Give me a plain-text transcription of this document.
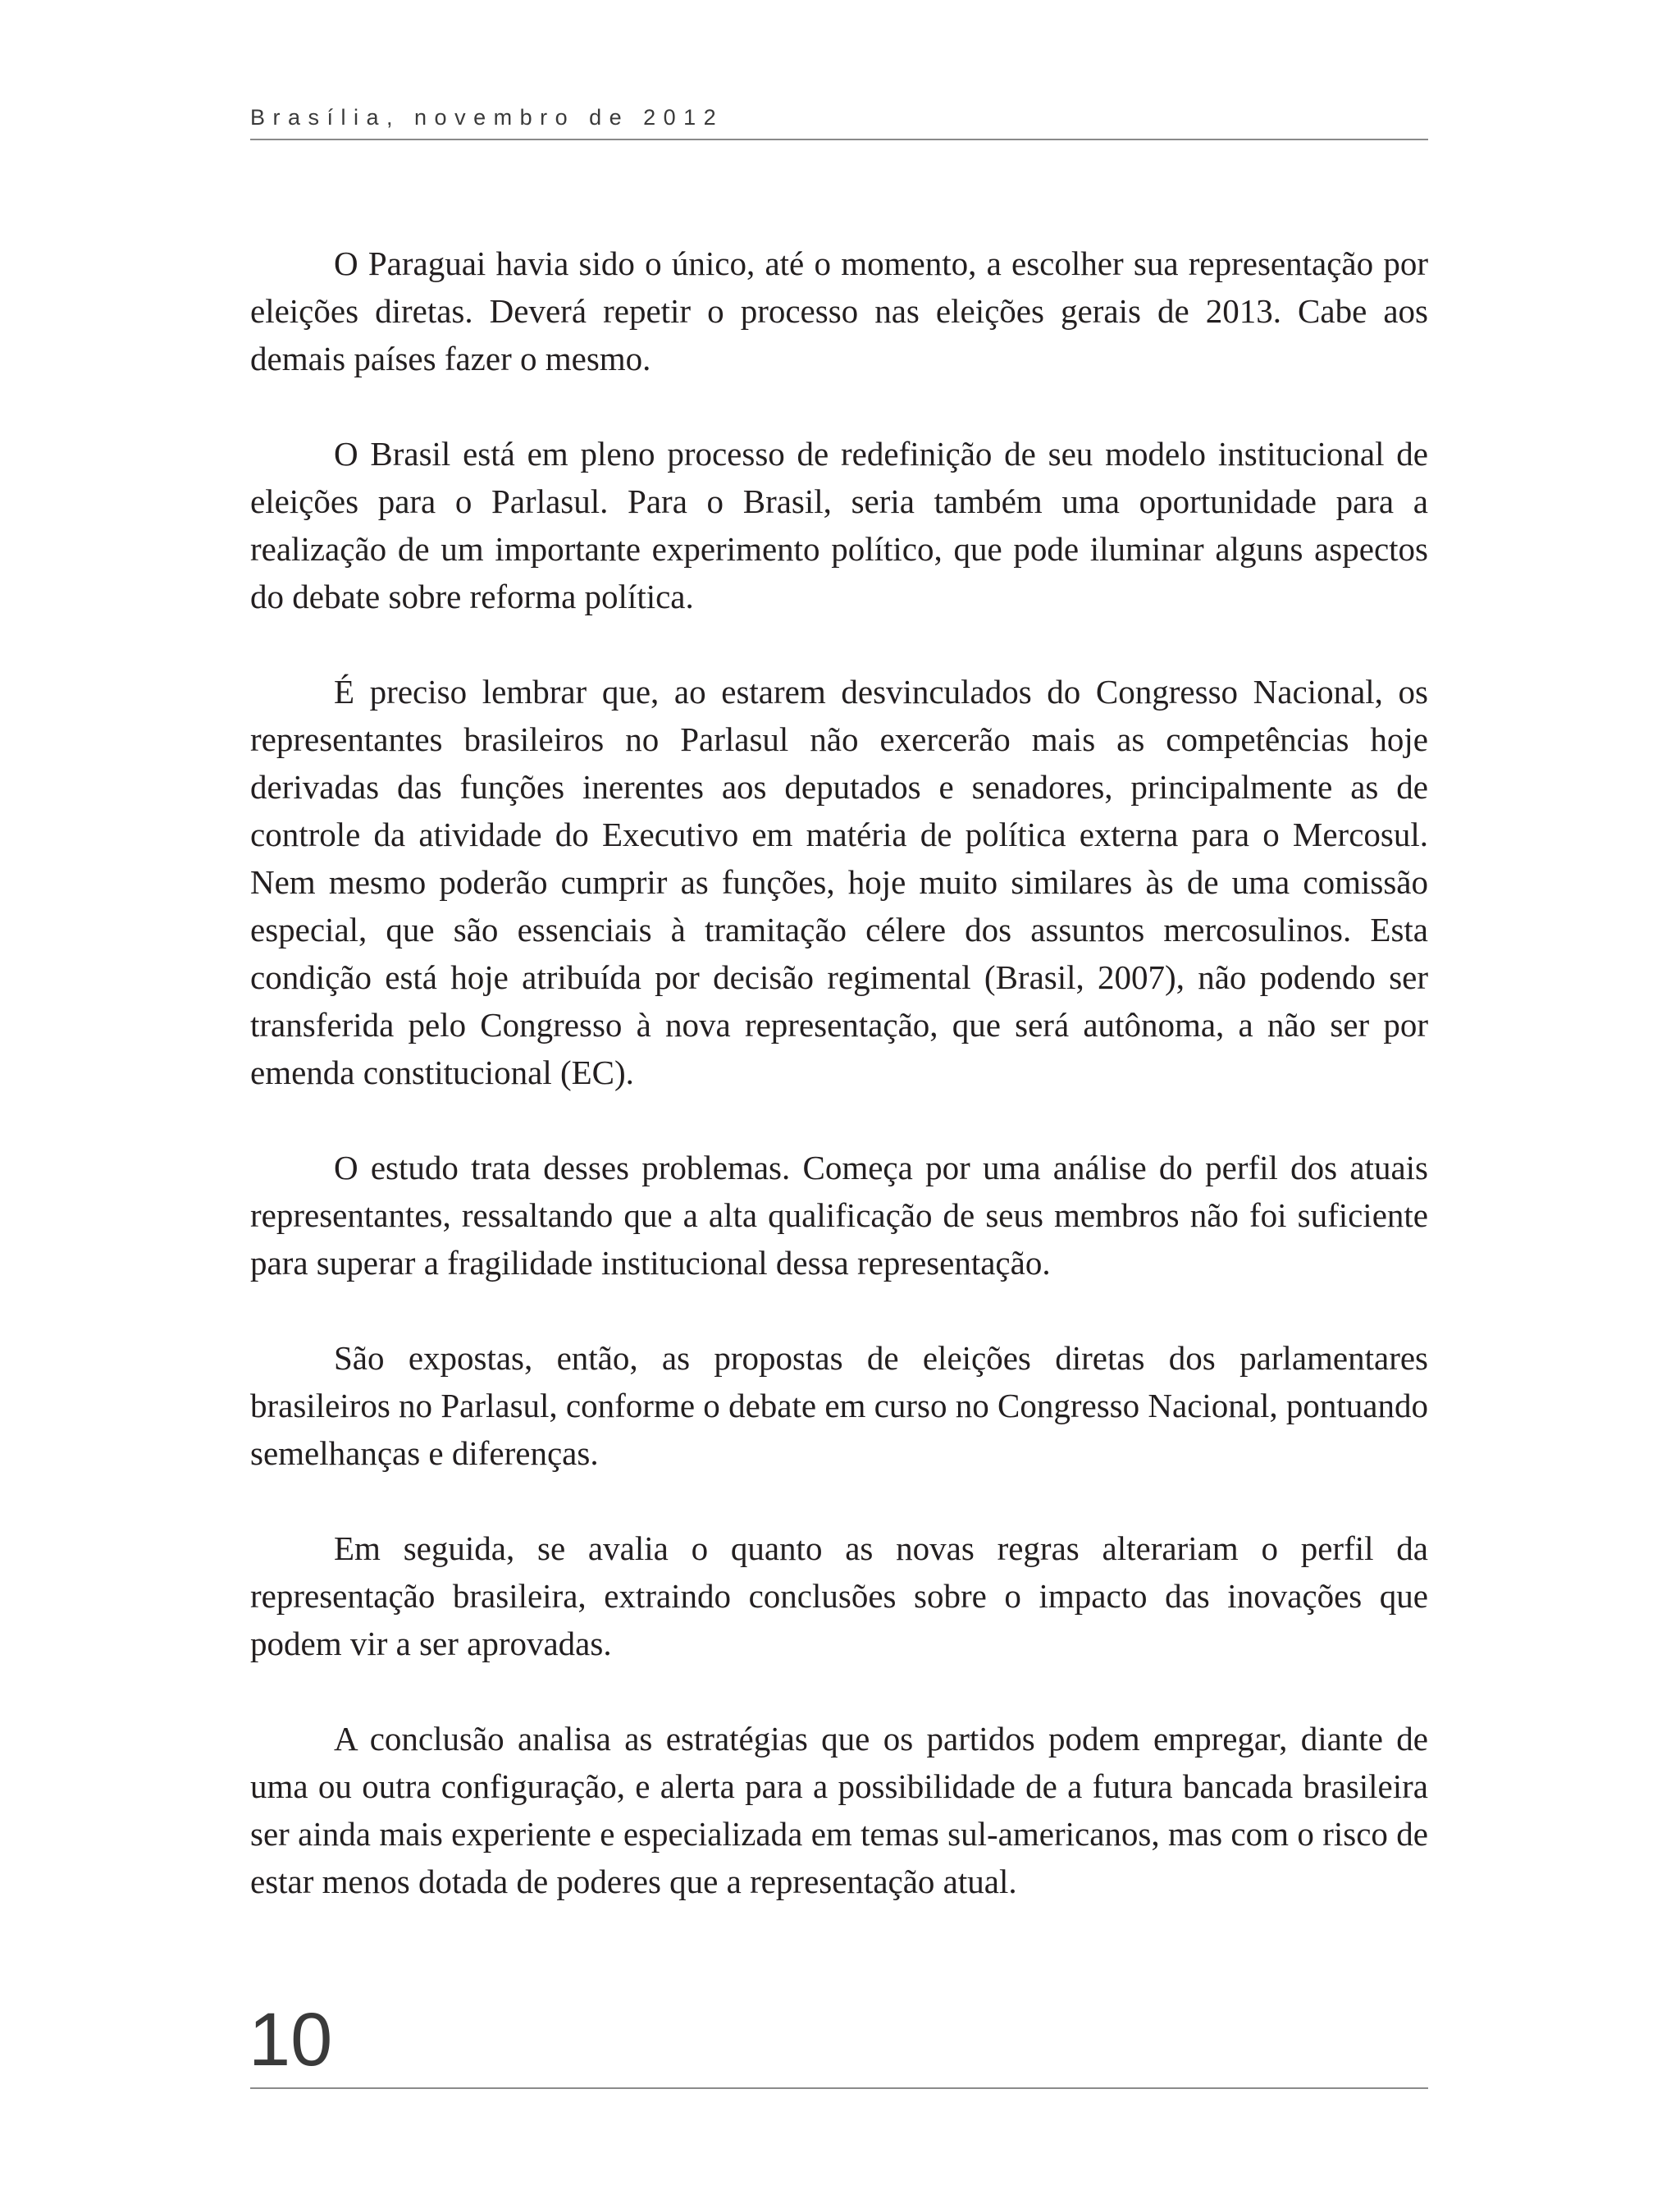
Brasília, novembro de 2012

O Paraguai havia sido o único, até o momento, a escolher sua representação por eleições diretas. Deverá repetir o processo nas eleições gerais de 2013. Cabe aos demais países fazer o mesmo.

O Brasil está em pleno processo de redefinição de seu modelo institucional de eleições para o Parlasul. Para o Brasil, seria também uma oportunidade para a realização de um importante experimento político, que pode iluminar alguns aspectos do debate sobre reforma política.

É preciso lembrar que, ao estarem desvinculados do Congresso Nacional, os representantes brasileiros no Parlasul não exercerão mais as competências hoje derivadas das funções inerentes aos deputados e senadores, principalmente as de controle da atividade do Executivo em matéria de política externa para o Mercosul. Nem mesmo poderão cumprir as funções, hoje muito similares às de uma comissão especial, que são essenciais à tramitação célere dos assuntos mercosulinos. Esta condição está hoje atribuída por decisão regimental (Brasil, 2007), não podendo ser transferida pelo Congresso à nova representação, que será autônoma, a não ser por emenda constitucional (EC).

O estudo trata desses problemas. Começa por uma análise do perfil dos atuais representantes, ressaltando que a alta qualificação de seus membros não foi suficiente para superar a fragilidade institucional dessa representação.

São expostas, então, as propostas de eleições diretas dos parlamentares brasileiros no Parlasul, conforme o debate em curso no Congresso Nacional, pontuando semelhanças e diferenças.

Em seguida, se avalia o quanto as novas regras alterariam o perfil da representação brasileira, extraindo conclusões sobre o impacto das inovações que podem vir a ser aprovadas.

A conclusão analisa as estratégias que os partidos podem empregar, diante de uma ou outra configuração, e alerta para a possibilidade de a futura bancada brasileira ser ainda mais experiente e especializada em temas sul-americanos, mas com o risco de estar menos dotada de poderes que a representação atual.

10
